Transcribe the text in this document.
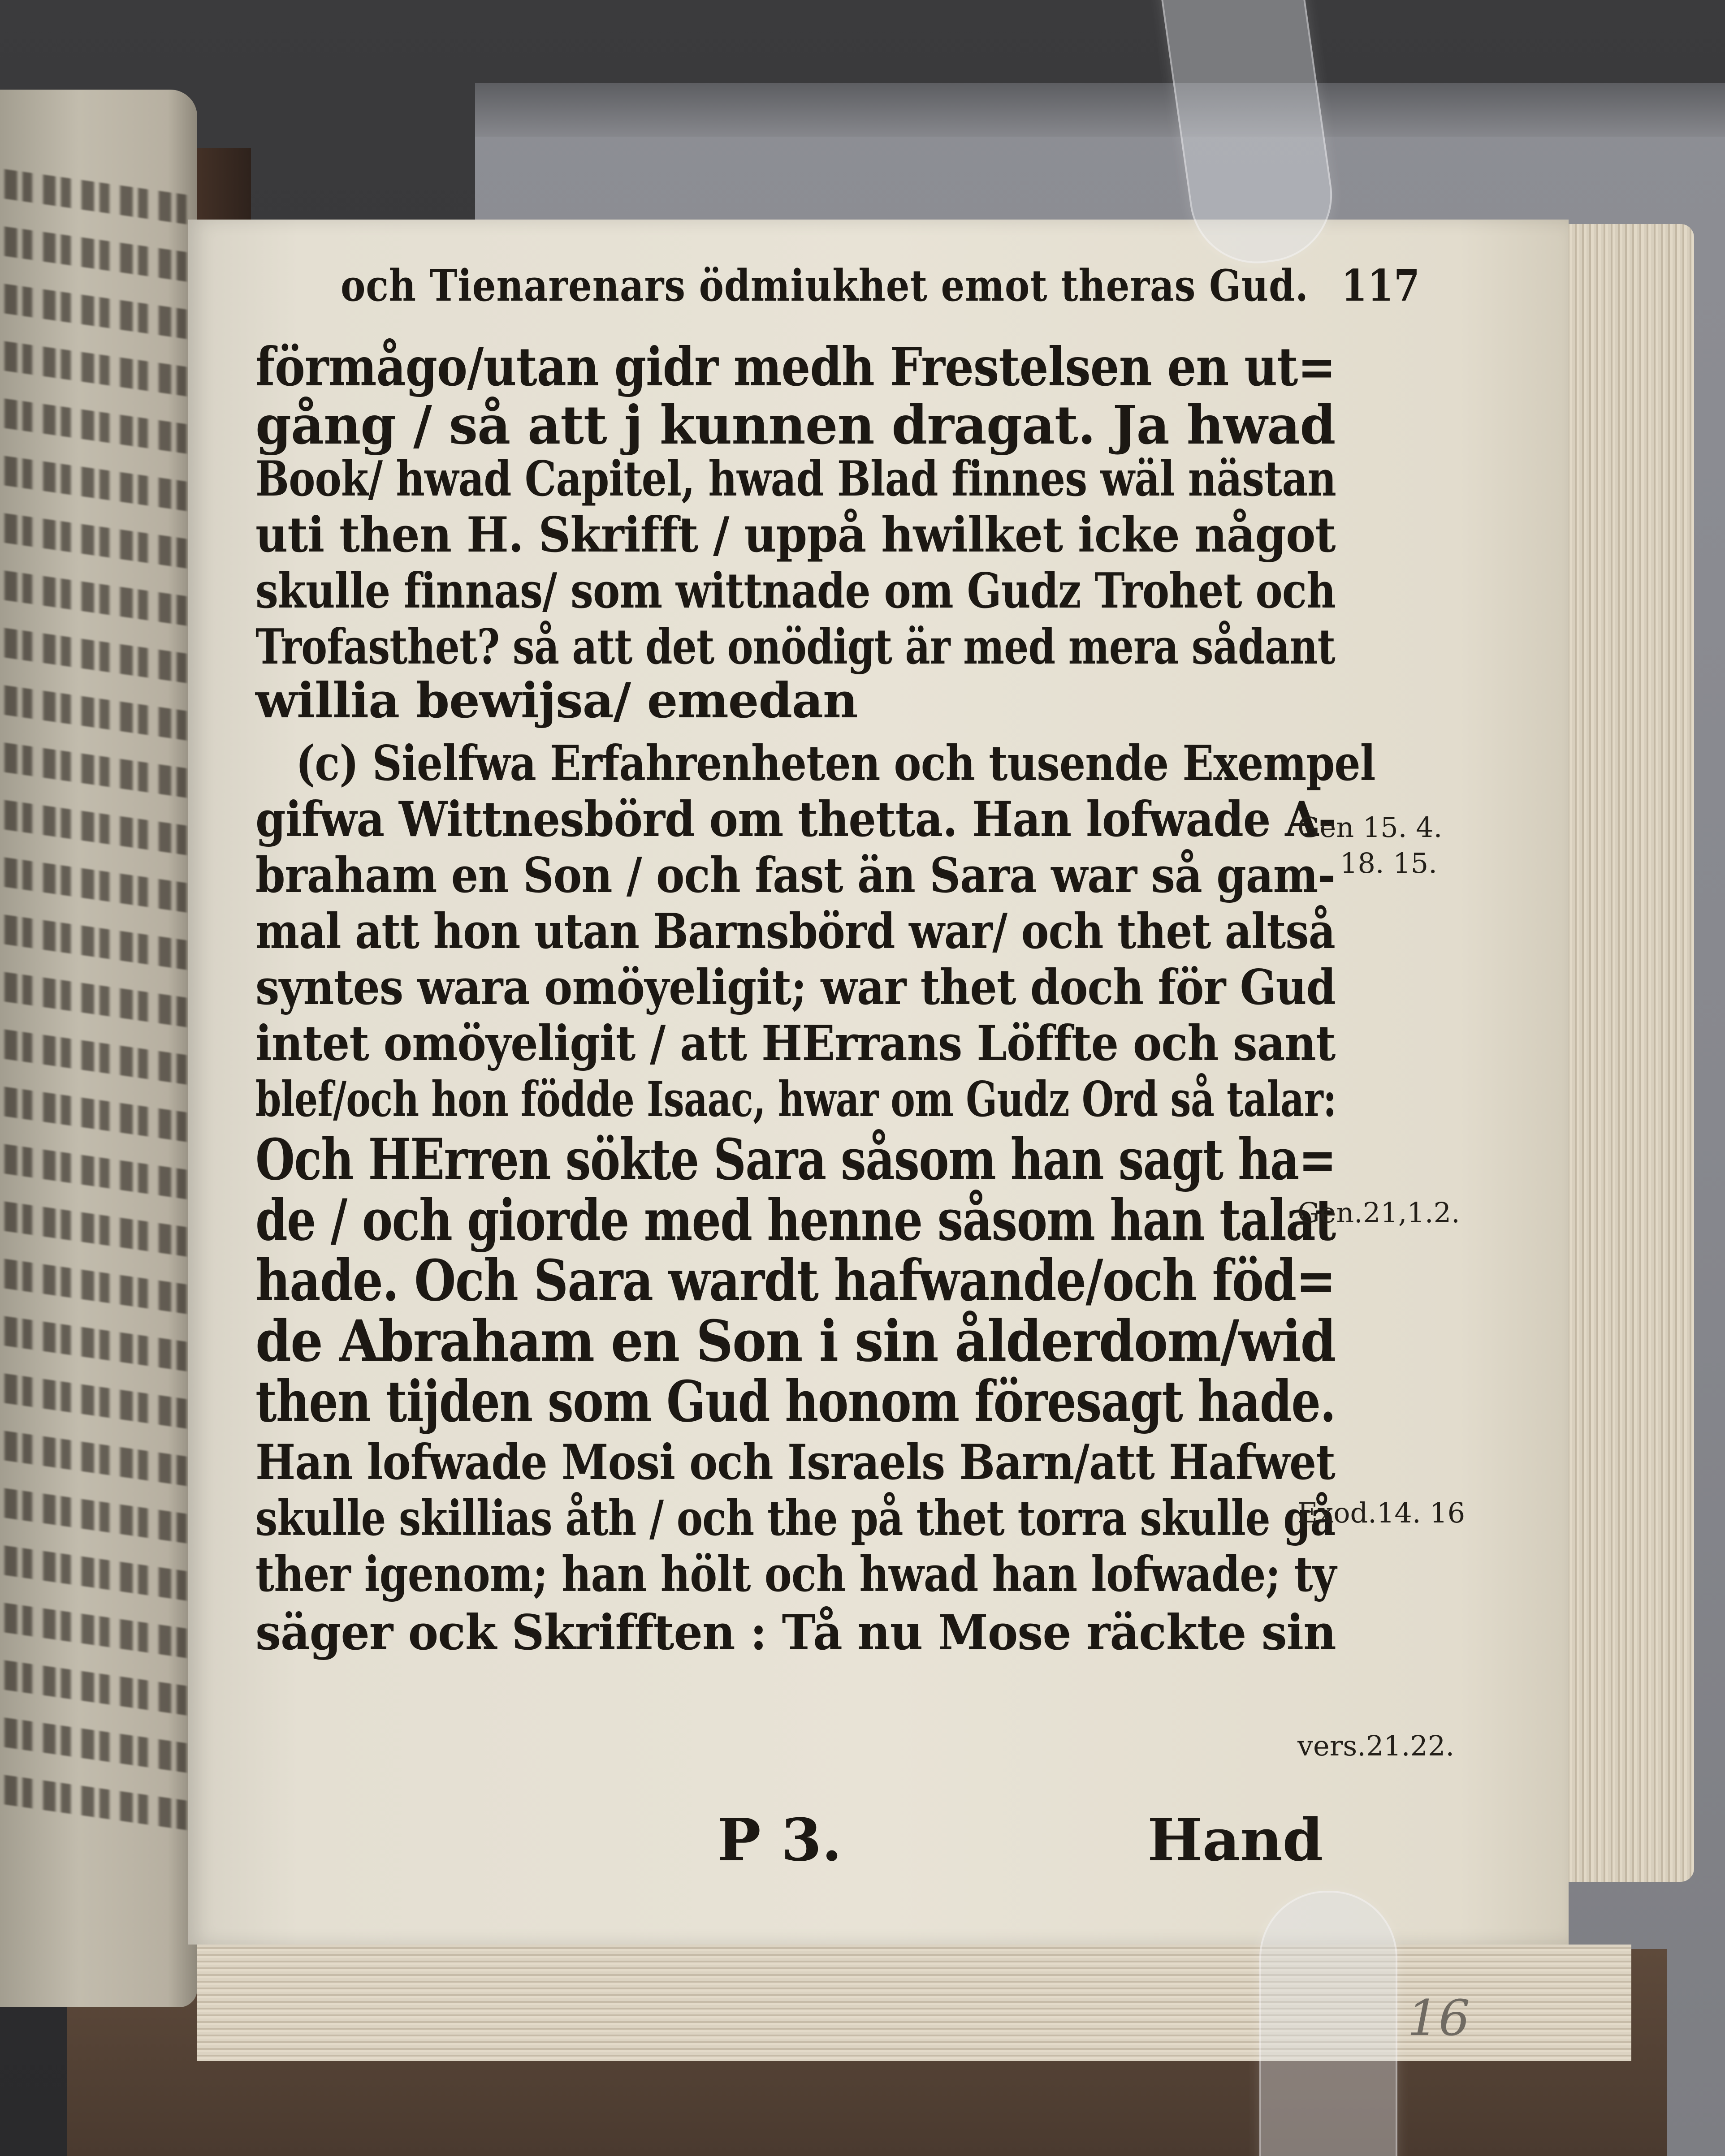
16
och Tienarenars ödmiukhet emot theras Gud. 117
förmågo/utan gidr medh Frestelsen en ut=
gång / så att j kunnen dragat. Ja hwad
Book/ hwad Capitel, hwad Blad finnes wäl nästan
uti then H. Skrifft / uppå hwilket icke något
skulle finnas/ som wittnade om Gudz Trohet och
Trofasthet? så att det onödigt är med mera sådant
willia bewijsa/ emedan
(c) Sielfwa Erfahrenheten och tusende Exempel
gifwa Wittnesbörd om thetta. Han lofwade A-
braham en Son / och fast än Sara war så gam-
mal att hon utan Barnsbörd war/ och thet altså
syntes wara omöyeligit; war thet doch för Gud
intet omöyeligit / att HErrans Löffte och sant
blef/och hon födde Isaac, hwar om Gudz Ord så talar:
Och HErren sökte Sara såsom han sagt ha=
de / och giorde med henne såsom han talat
hade. Och Sara wardt hafwande/och föd=
de Abraham en Son i sin ålderdom/wid
then tijden som Gud honom föresagt hade.
Han lofwade Mosi och Israels Barn/att Hafwet
skulle skillias åth / och the på thet torra skulle gå
ther igenom; han hölt och hwad han lofwade; ty
säger ock Skrifften : Tå nu Mose räckte sin
P 3.	Hand
Gen 15. 4.
18. 15.
Gen.21,1.2.
Exod.14. 16
vers.21.22.
